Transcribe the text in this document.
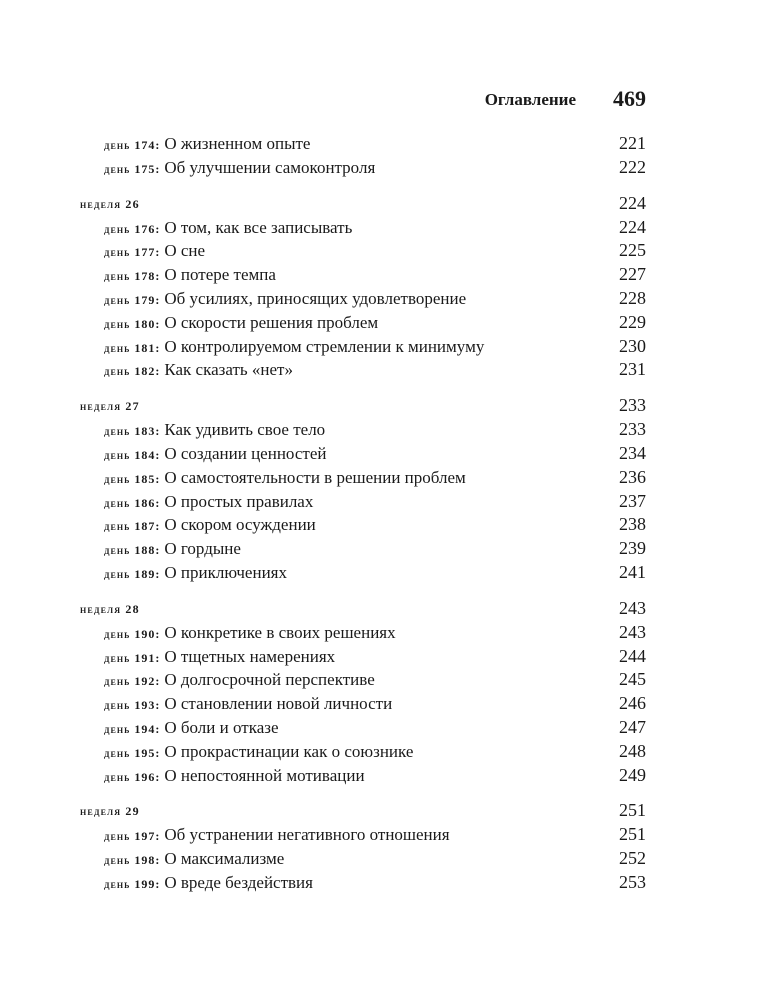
Оглавление 469
день 174: О жизненном опыте	221
день 175: Об улучшении самоконтроля	222
неделя 26	224
день 176: О том, как все записывать	224
день 177: О сне	225
день 178: О потере темпа	227
день 179: Об усилиях, приносящих удовлетворение	228
день 180: О скорости решения проблем	229
день 181: О контролируемом стремлении к минимуму	230
день 182: Как сказать «нет»	231
неделя 27	233
день 183: Как удивить свое тело	233
день 184: О создании ценностей	234
день 185: О самостоятельности в решении проблем	236
день 186: О простых правилах	237
день 187: О скором осуждении	238
день 188: О гордыне	239
день 189: О приключениях	241
неделя 28	243
день 190: О конкретике в своих решениях	243
день 191: О тщетных намерениях	244
день 192: О долгосрочной перспективе	245
день 193: О становлении новой личности	246
день 194: О боли и отказе	247
день 195: О прокрастинации как о союзнике	248
день 196: О непостоянной мотивации	249
неделя 29	251
день 197: Об устранении негативного отношения	251
день 198: О максимализме	252
день 199: О вреде бездействия	253
